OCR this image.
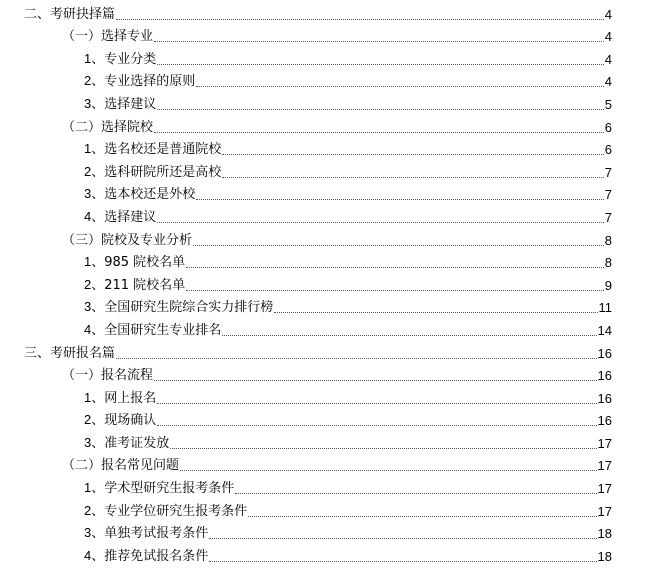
二、考研抉择篇	4
（一）选择专业	4
1、专业分类	4
2、专业选择的原则	4
3、选择建议	5
（二）选择院校	6
1、选名校还是普通院校	6
2、选科研院所还是高校	7
3、选本校还是外校	7
4、选择建议	7
（三）院校及专业分析	8
1、985 院校名单	8
2、211 院校名单	9
3、全国研究生院综合实力排行榜	11
4、全国研究生专业排名	14
三、考研报名篇	16
（一）报名流程	16
1、网上报名	16
2、现场确认	16
3、准考证发放	17
（二）报名常见问题	17
1、学术型研究生报考条件	17
2、专业学位研究生报考条件	17
3、单独考试报考条件	18
4、推荐免试报名条件	18
